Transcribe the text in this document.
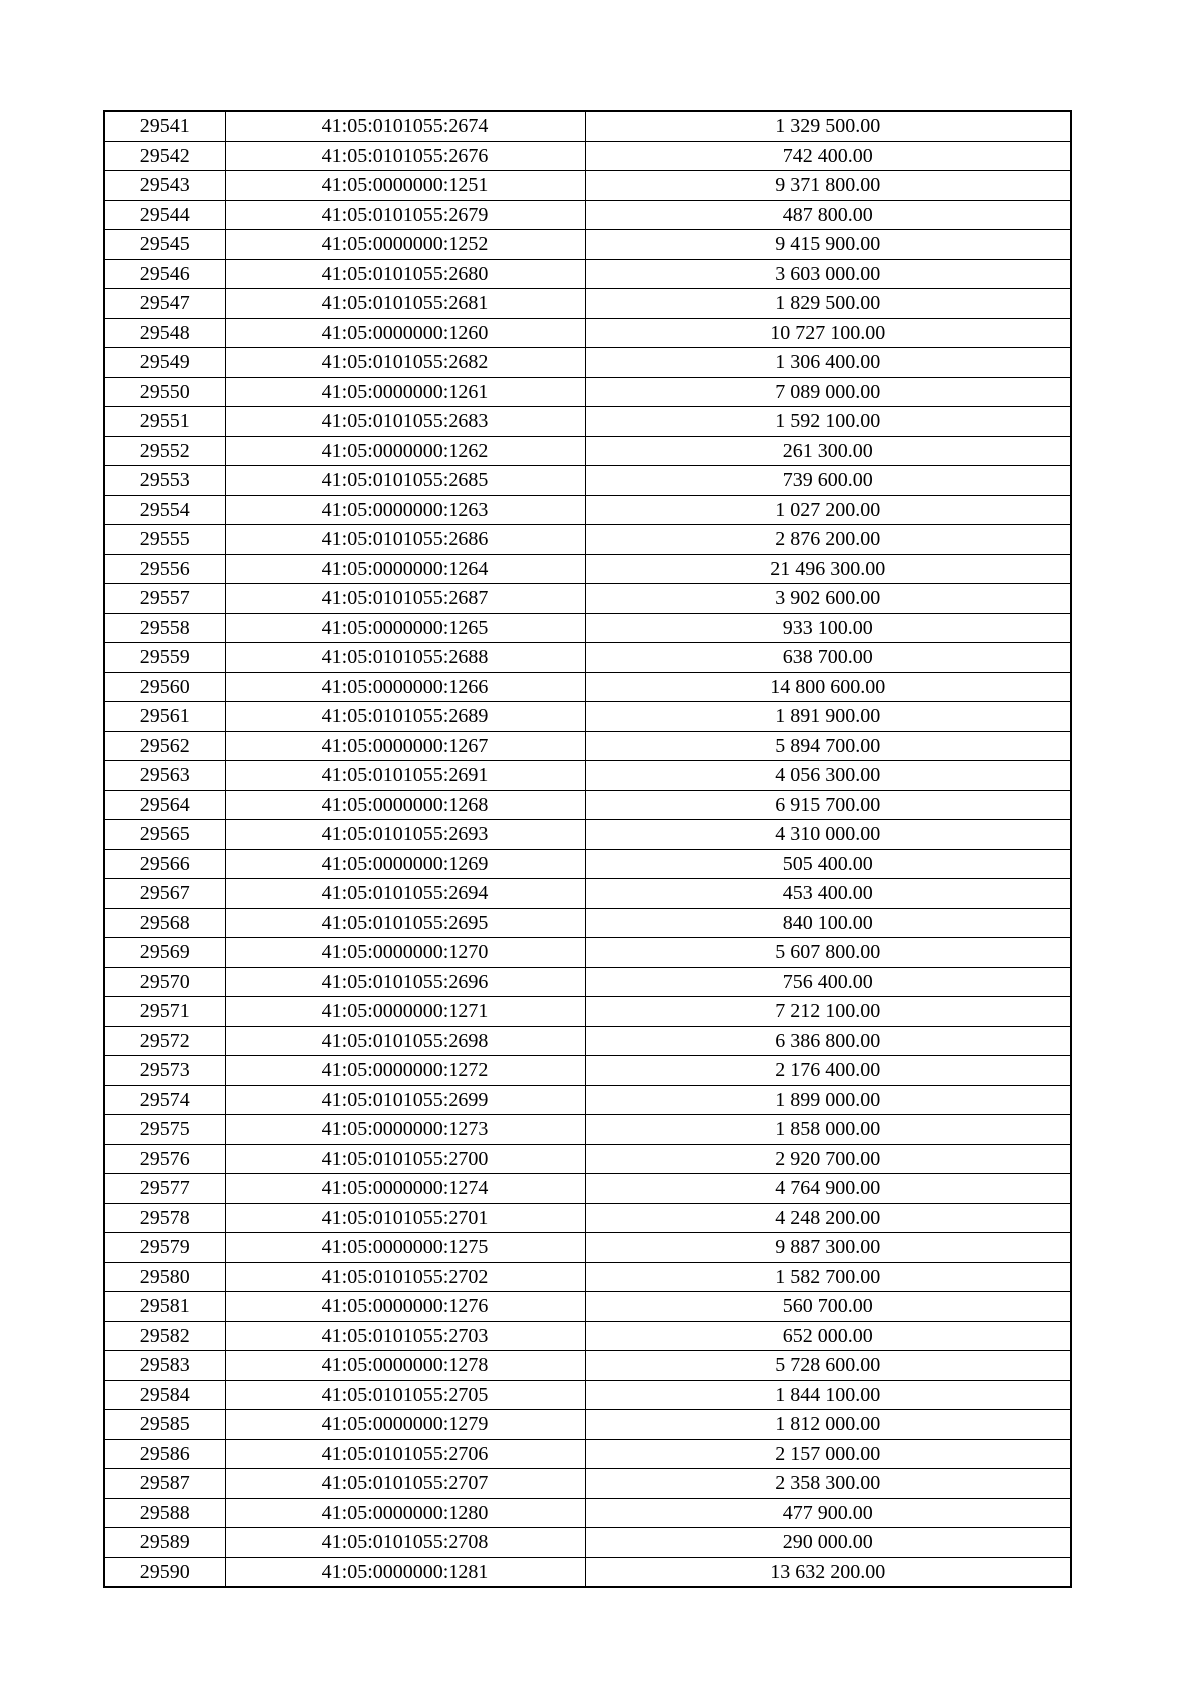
29541	41:05:0101055:2674	1 329 500.00
29542	41:05:0101055:2676	742 400.00
29543	41:05:0000000:1251	9 371 800.00
29544	41:05:0101055:2679	487 800.00
29545	41:05:0000000:1252	9 415 900.00
29546	41:05:0101055:2680	3 603 000.00
29547	41:05:0101055:2681	1 829 500.00
29548	41:05:0000000:1260	10 727 100.00
29549	41:05:0101055:2682	1 306 400.00
29550	41:05:0000000:1261	7 089 000.00
29551	41:05:0101055:2683	1 592 100.00
29552	41:05:0000000:1262	261 300.00
29553	41:05:0101055:2685	739 600.00
29554	41:05:0000000:1263	1 027 200.00
29555	41:05:0101055:2686	2 876 200.00
29556	41:05:0000000:1264	21 496 300.00
29557	41:05:0101055:2687	3 902 600.00
29558	41:05:0000000:1265	933 100.00
29559	41:05:0101055:2688	638 700.00
29560	41:05:0000000:1266	14 800 600.00
29561	41:05:0101055:2689	1 891 900.00
29562	41:05:0000000:1267	5 894 700.00
29563	41:05:0101055:2691	4 056 300.00
29564	41:05:0000000:1268	6 915 700.00
29565	41:05:0101055:2693	4 310 000.00
29566	41:05:0000000:1269	505 400.00
29567	41:05:0101055:2694	453 400.00
29568	41:05:0101055:2695	840 100.00
29569	41:05:0000000:1270	5 607 800.00
29570	41:05:0101055:2696	756 400.00
29571	41:05:0000000:1271	7 212 100.00
29572	41:05:0101055:2698	6 386 800.00
29573	41:05:0000000:1272	2 176 400.00
29574	41:05:0101055:2699	1 899 000.00
29575	41:05:0000000:1273	1 858 000.00
29576	41:05:0101055:2700	2 920 700.00
29577	41:05:0000000:1274	4 764 900.00
29578	41:05:0101055:2701	4 248 200.00
29579	41:05:0000000:1275	9 887 300.00
29580	41:05:0101055:2702	1 582 700.00
29581	41:05:0000000:1276	560 700.00
29582	41:05:0101055:2703	652 000.00
29583	41:05:0000000:1278	5 728 600.00
29584	41:05:0101055:2705	1 844 100.00
29585	41:05:0000000:1279	1 812 000.00
29586	41:05:0101055:2706	2 157 000.00
29587	41:05:0101055:2707	2 358 300.00
29588	41:05:0000000:1280	477 900.00
29589	41:05:0101055:2708	290 000.00
29590	41:05:0000000:1281	13 632 200.00
